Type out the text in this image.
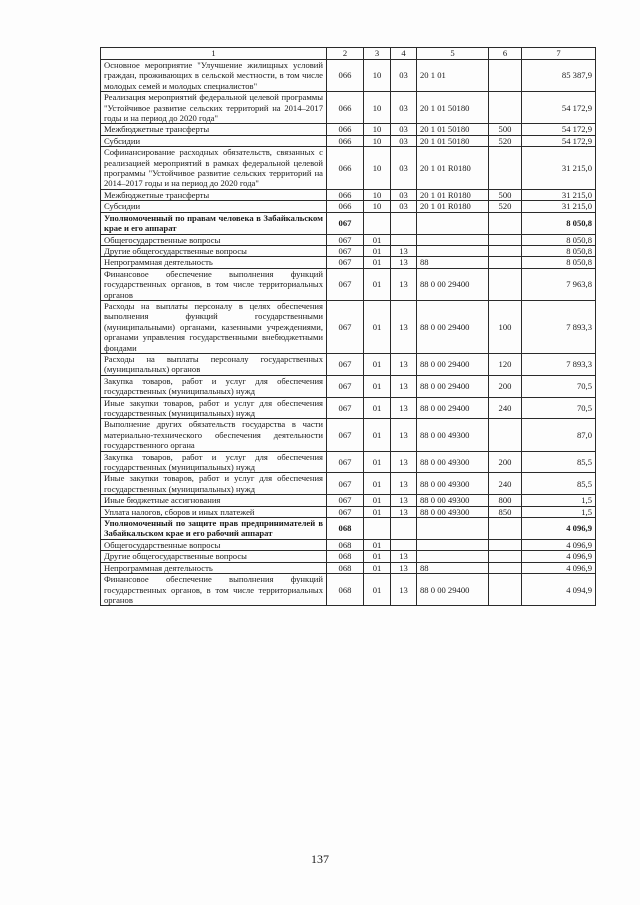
1	2	3	4	5	6	7
Основное мероприятие "Улучшение жилищных условий граждан, проживающих в сельской местности, в том числе молодых семей и молодых специалистов"	066	10	03	20 1 01		85 387,9
Реализация мероприятий федеральной целевой программы "Устойчивое развитие сельских территорий на 2014–2017 годы и на период до 2020 года"	066	10	03	20 1 01 50180		54 172,9
Межбюджетные трансферты	066	10	03	20 1 01 50180	500	54 172,9
Субсидии	066	10	03	20 1 01 50180	520	54 172,9
Софинансирование расходных обязательств, связанных с реализацией мероприятий в рамках федеральной целевой программы "Устойчивое развитие сельских территорий на 2014–2017 годы и на период до 2020 года"	066	10	03	20 1 01 R0180		31 215,0
Межбюджетные трансферты	066	10	03	20 1 01 R0180	500	31 215,0
Субсидии	066	10	03	20 1 01 R0180	520	31 215,0
Уполномоченный по правам человека в Забайкальском крае и его аппарат	067					8 050,8
Общегосударственные вопросы	067	01				8 050,8
Другие общегосударственные вопросы	067	01	13			8 050,8
Непрограммная деятельность	067	01	13	88		8 050,8
Финансовое обеспечение выполнения функций государственных органов, в том числе территориальных органов	067	01	13	88 0 00 29400		7 963,8
Расходы на выплаты персоналу в целях обеспечения выполнения функций государственными (муниципальными) органами, казенными учреждениями, органами управления государственными внебюджетными фондами	067	01	13	88 0 00 29400	100	7 893,3
Расходы на выплаты персоналу государственных (муниципальных) органов	067	01	13	88 0 00 29400	120	7 893,3
Закупка товаров, работ и услуг для обеспечения государственных (муниципальных) нужд	067	01	13	88 0 00 29400	200	70,5
Иные закупки товаров, работ и услуг для обеспечения государственных (муниципальных) нужд	067	01	13	88 0 00 29400	240	70,5
Выполнение других обязательств государства в части материально-технического обеспечения деятельности государственного органа	067	01	13	88 0 00 49300		87,0
Закупка товаров, работ и услуг для обеспечения государственных (муниципальных) нужд	067	01	13	88 0 00 49300	200	85,5
Иные закупки товаров, работ и услуг для обеспечения государственных (муниципальных) нужд	067	01	13	88 0 00 49300	240	85,5
Иные бюджетные ассигнования	067	01	13	88 0 00 49300	800	1,5
Уплата налогов, сборов и иных платежей	067	01	13	88 0 00 49300	850	1,5
Уполномоченный по защите прав предпринимателей в Забайкальском крае и его рабочий аппарат	068					4 096,9
Общегосударственные вопросы	068	01				4 096,9
Другие общегосударственные вопросы	068	01	13			4 096,9
Непрограммная деятельность	068	01	13	88		4 096,9
Финансовое обеспечение выполнения функций государственных органов, в том числе территориальных органов	068	01	13	88 0 00 29400		4 094,9
137
